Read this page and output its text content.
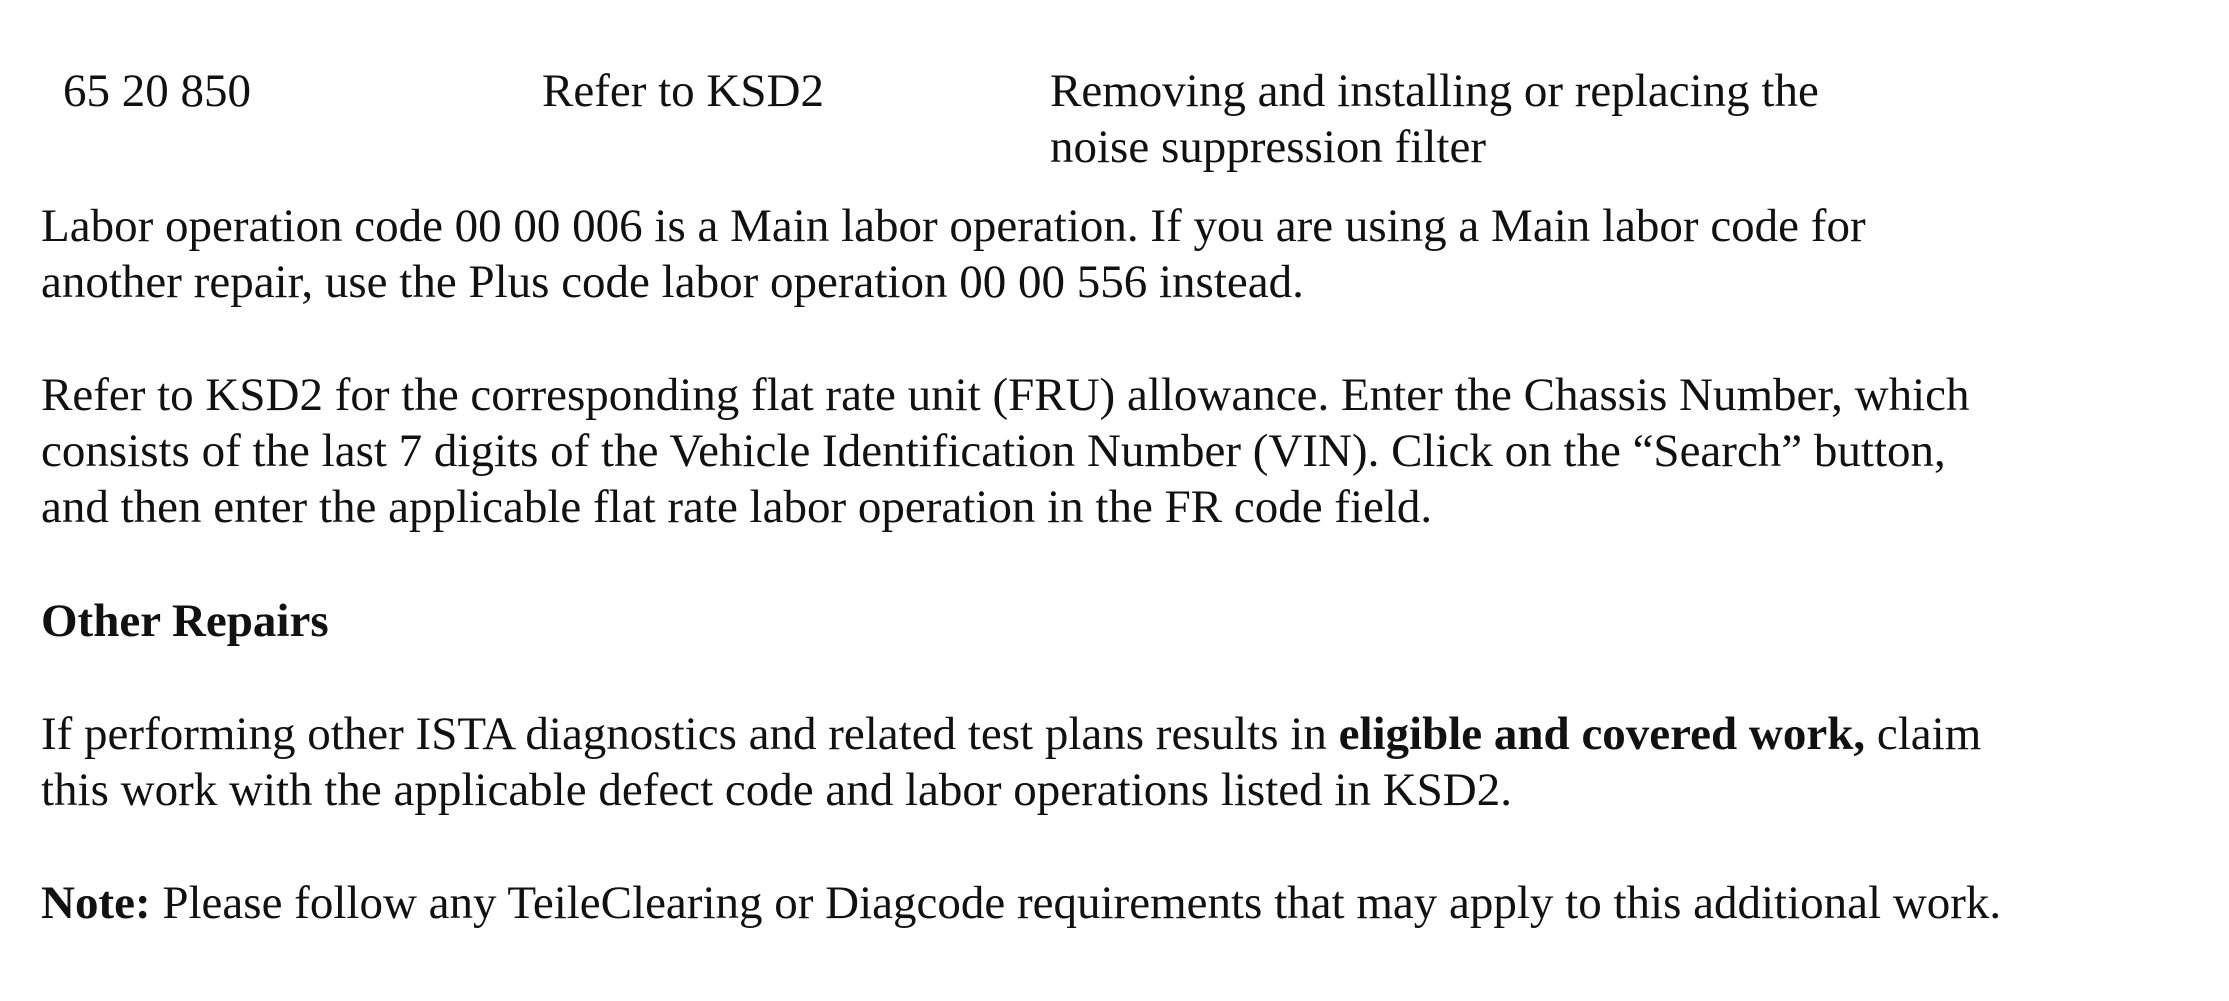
65 20 850	Refer to KSD2	Removing and installing or replacing the
noise suppression filter

Labor operation code 00 00 006 is a Main labor operation. If you are using a Main labor code for
another repair, use the Plus code labor operation 00 00 556 instead.

Refer to KSD2 for the corresponding flat rate unit (FRU) allowance. Enter the Chassis Number, which
consists of the last 7 digits of the Vehicle Identification Number (VIN). Click on the “Search” button,
and then enter the applicable flat rate labor operation in the FR code field.

Other Repairs

If performing other ISTA diagnostics and related test plans results in eligible and covered work, claim
this work with the applicable defect code and labor operations listed in KSD2.

Note: Please follow any TeileClearing or Diagcode requirements that may apply to this additional work.
